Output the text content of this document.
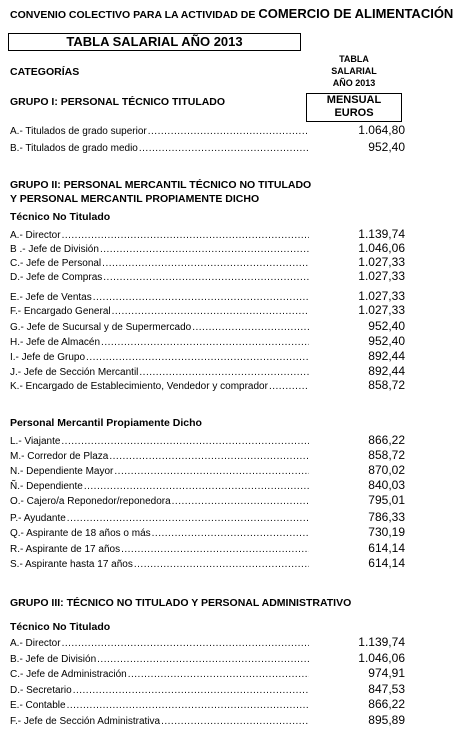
CONVENIO COLECTIVO PARA LA ACTIVIDAD DE COMERCIO DE ALIMENTACIÓN
TABLA SALARIAL AÑO 2013
TABLA
SALARIAL
AÑO 2013
MENSUAL
EUROS
CATEGORÍAS
GRUPO I: PERSONAL TÉCNICO TITULADO
A.- Titulados de grado superior .....	1.064,80
B.- Titulados de grado medio .....	952,40
GRUPO II: PERSONAL MERCANTIL TÉCNICO NO TITULADO
Y PERSONAL MERCANTIL PROPIAMENTE DICHO
Técnico No Titulado
A.- Director .....	1.139,74
B .- Jefe de División .....	1.046,06
C.- Jefe de Personal .....	1.027,33
D.- Jefe de Compras .....	1.027,33
E.- Jefe de Ventas .....	1.027,33
F.- Encargado General .....	1.027,33
G.- Jefe de Sucursal y de Supermercado .....	952,40
H.- Jefe de Almacén .....	952,40
I.- Jefe de Grupo .....	892,44
J.- Jefe de Sección Mercantil .....	892,44
K.- Encargado de Establecimiento, Vendedor y comprador .....	858,72
Personal Mercantil Propiamente Dicho
L.- Viajante .....	866,22
M.- Corredor de Plaza .....	858,72
N.- Dependiente Mayor .....	870,02
Ñ.- Dependiente .....	840,03
O.- Cajero/a Reponedor/reponedora .....	795,01
P.- Ayudante .....	786,33
Q.- Aspirante de 18 años o más .....	730,19
R.- Aspirante de 17 años .....	614,14
S.- Aspirante hasta 17 años .....	614,14
GRUPO III: TÉCNICO NO TITULADO Y PERSONAL ADMINISTRATIVO
Técnico No Titulado
A.- Director .....	1.139,74
B.- Jefe de División .....	1.046,06
C.- Jefe de Administración .....	974,91
D.- Secretario .....	847,53
E.- Contable .....	866,22
F.- Jefe de Sección Administrativa .....	895,89
